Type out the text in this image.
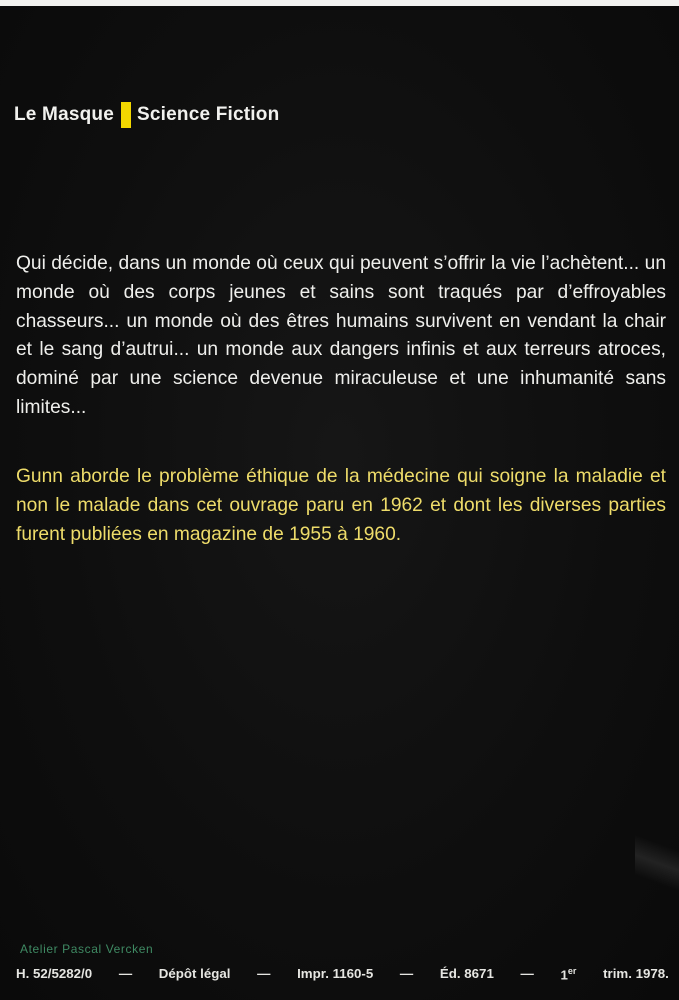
Le Masque Science Fiction

Qui décide, dans un monde où ceux qui peuvent s’offrir la vie l’achètent... un monde où des corps jeunes et sains sont traqués par d’effroyables chasseurs... un monde où des êtres humains survivent en vendant la chair et le sang d’autrui... un monde aux dangers infinis et aux terreurs atroces, dominé par une science devenue miraculeuse et une inhumanité sans limites...

Gunn aborde le problème éthique de la médecine qui soigne la maladie et non le malade dans cet ouvrage paru en 1962 et dont les diverses parties furent publiées en magazine de 1955 à 1960.

Atelier Pascal Vercken
H. 52/5282/0 — Dépôt légal — Impr. 1160-5 — Éd. 8671 — 1er trim. 1978.
